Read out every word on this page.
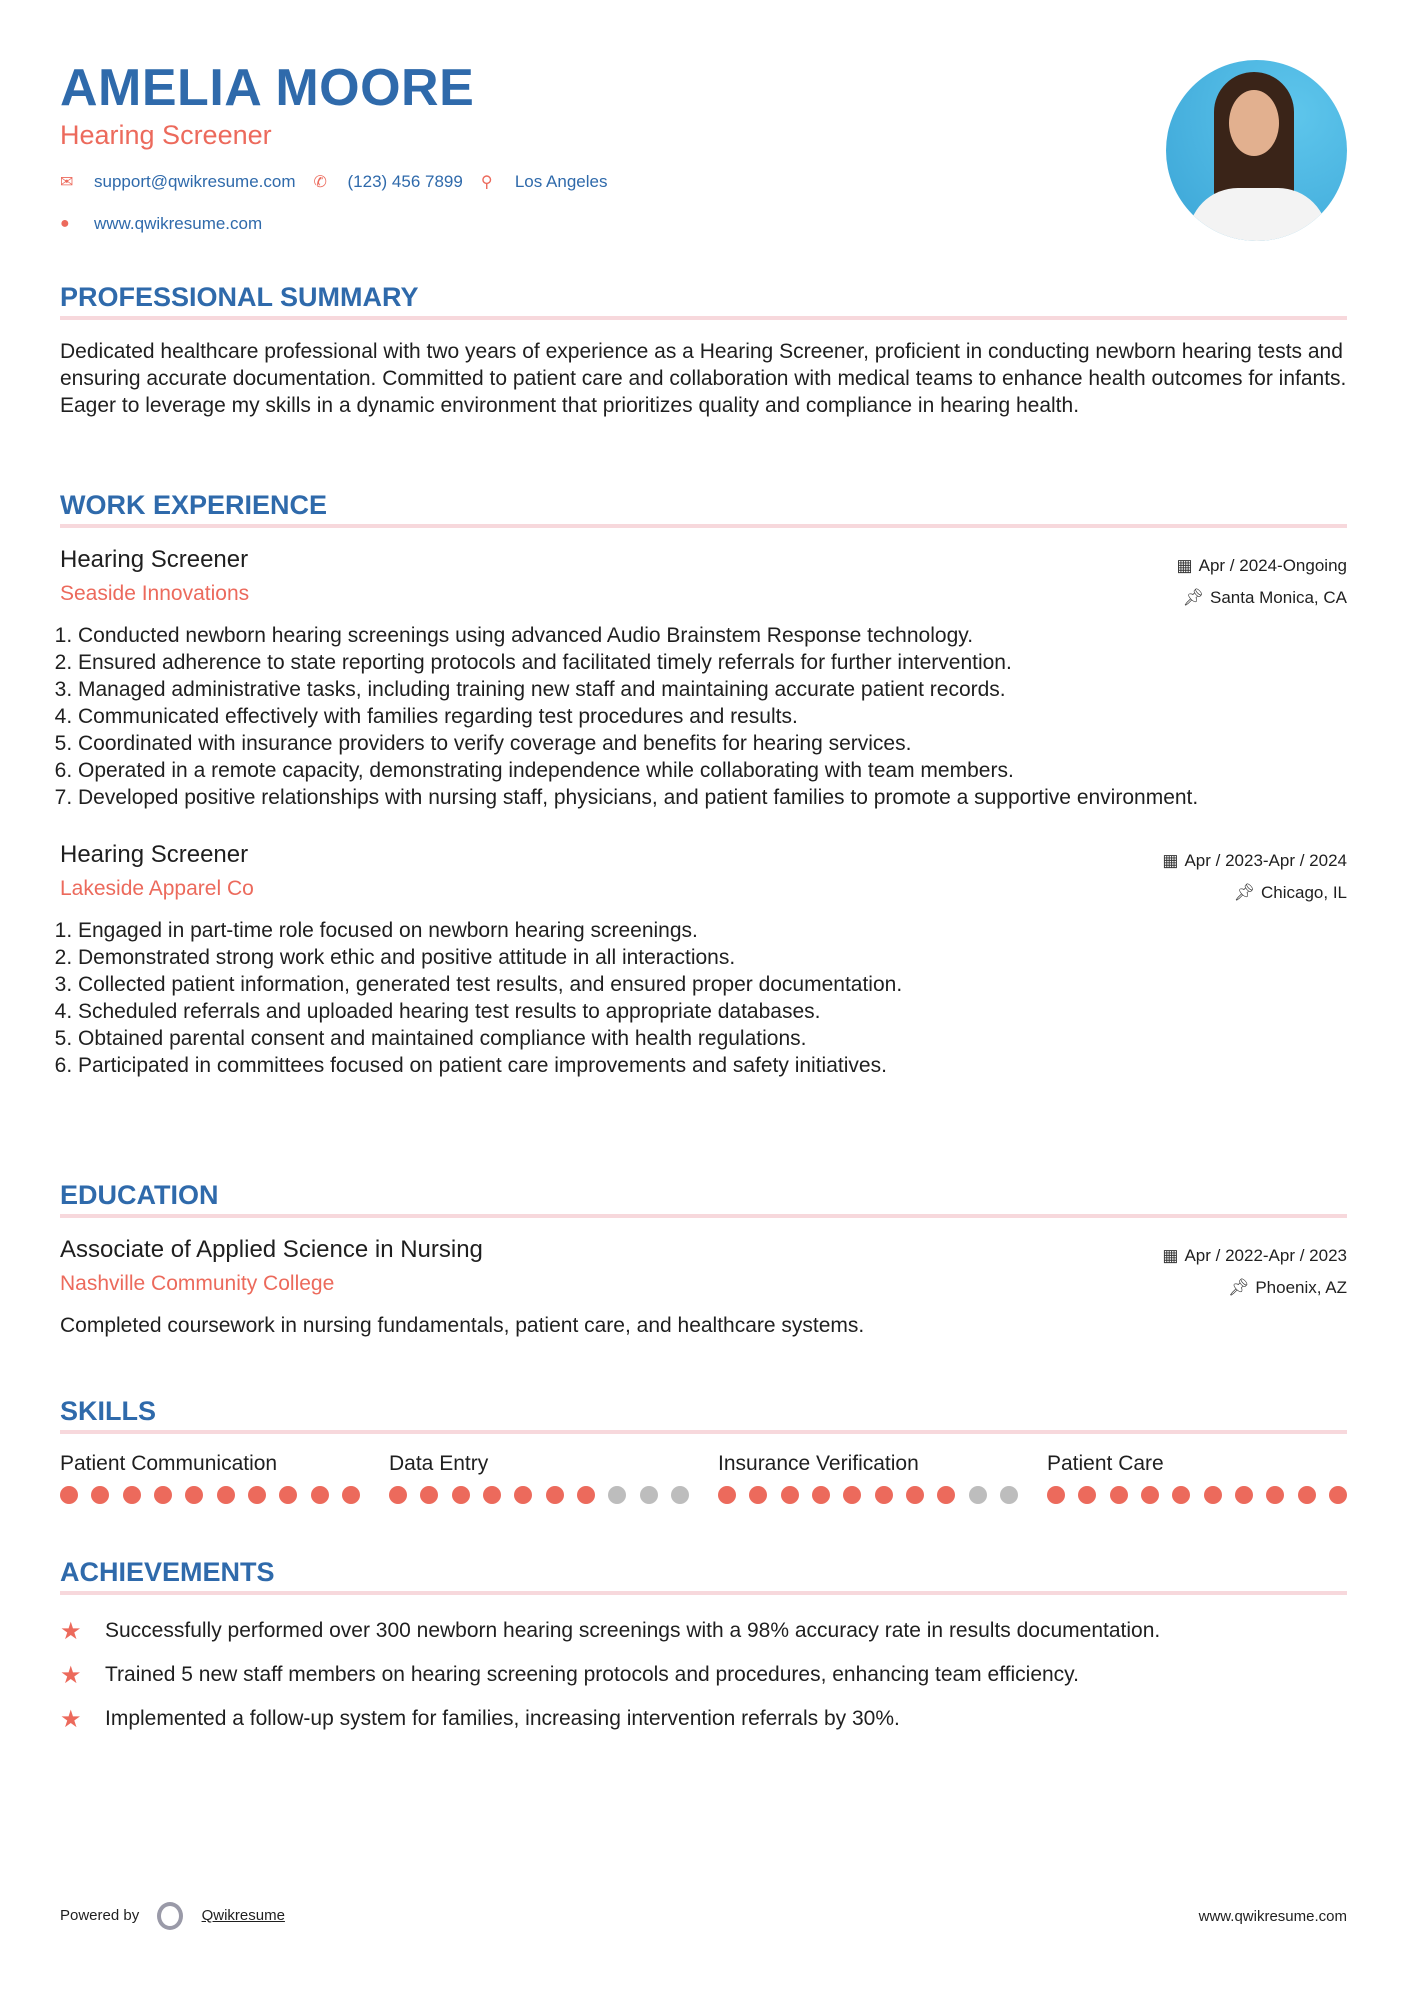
AMELIA MOORE
Hearing Screener
✉	support@qwikresume.com ✆	(123) 456 7899 ⚲	Los Angeles
●	www.qwikresume.com
PROFESSIONAL SUMMARY

Dedicated healthcare professional with two years of experience as a Hearing Screener, proficient in conducting newborn hearing tests and ensuring accurate documentation. Committed to patient care and collaboration with medical teams to enhance health outcomes for infants. Eager to leverage my skills in a dynamic environment that prioritizes quality and compliance in hearing health.

WORK EXPERIENCE
Hearing Screener
Seaside Innovations
▦ Apr / 2024-Ongoing
📌︎ Santa Monica, CA
1. Conducted newborn hearing screenings using advanced Audio Brainstem Response technology.
2. Ensured adherence to state reporting protocols and facilitated timely referrals for further intervention.
3. Managed administrative tasks, including training new staff and maintaining accurate patient records.
4. Communicated effectively with families regarding test procedures and results.
5. Coordinated with insurance providers to verify coverage and benefits for hearing services.
6. Operated in a remote capacity, demonstrating independence while collaborating with team members.
7. Developed positive relationships with nursing staff, physicians, and patient families to promote a supportive environment.
Hearing Screener
Lakeside Apparel Co
▦ Apr / 2023-Apr / 2024
📌︎ Chicago, IL
1. Engaged in part-time role focused on newborn hearing screenings.
2. Demonstrated strong work ethic and positive attitude in all interactions.
3. Collected patient information, generated test results, and ensured proper documentation.
4. Scheduled referrals and uploaded hearing test results to appropriate databases.
5. Obtained parental consent and maintained compliance with health regulations.
6. Participated in committees focused on patient care improvements and safety initiatives.
EDUCATION
Associate of Applied Science in Nursing
Nashville Community College
▦ Apr / 2022-Apr / 2023
📌︎ Phoenix, AZ

Completed coursework in nursing fundamentals, patient care, and healthcare systems.

SKILLS
Patient Communication	Data Entry	Insurance Verification	Patient Care
ACHIEVEMENTS
★	Successfully performed over 300 newborn hearing screenings with a 98% accuracy rate in results documentation.
★	Trained 5 new staff members on hearing screening protocols and procedures, enhancing team efficiency.
★	Implemented a follow-up system for families, increasing intervention referrals by 30%.
Powered by	Qwikresume	www.qwikresume.com
